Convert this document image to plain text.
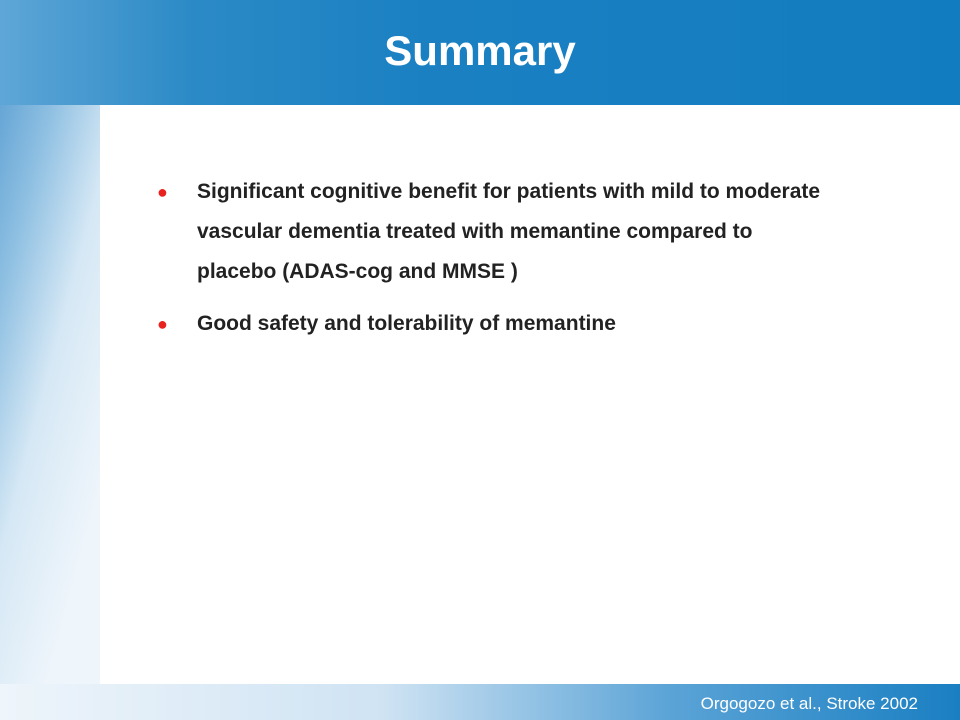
Summary
●	Significant cognitive benefit for patients with mild to moderate vascular dementia treated with memantine compared to placebo (ADAS-cog and MMSE )
●	Good safety and tolerability of memantine
Orgogozo et al., Stroke 2002
